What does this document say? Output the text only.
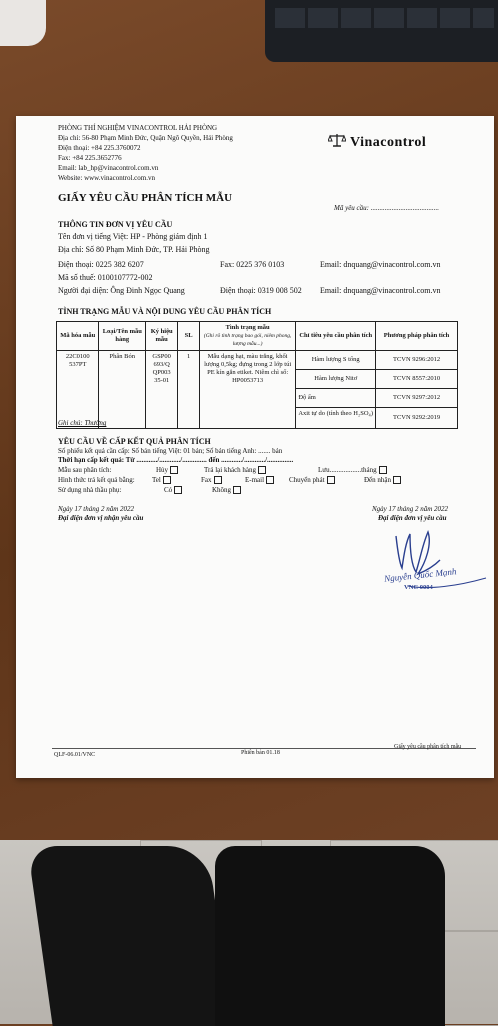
PHÒNG THÍ NGHIỆM VINACONTROL HẢI PHÒNG
Địa chỉ: 56-80 Phạm Minh Đức, Quận Ngô Quyền, Hải Phòng
Điện thoại: +84 225.3760072
Fax: +84 225.3652776
Email: lab_hp@vinacontrol.com.vn
Website: www.vinacontrol.com.vn
Vinacontrol
GIẤY YÊU CẦU PHÂN TÍCH MẪU
Mã yêu cầu: .......................................
THÔNG TIN ĐƠN VỊ YÊU CẦU
Tên đơn vị tiếng Việt: HP - Phòng giám định 1
Địa chỉ: Số 80 Phạm Minh Đức, TP. Hải Phòng
Điện thoại: 0225 382 6207	Fax: 0225 376 0103	Email: dnquang@vinacontrol.com.vn
Mã số thuế: 0100107772-002
Người đại diện: Ông Đinh Ngọc Quang	Điện thoại: 0319 008 502 Email: dnquang@vinacontrol.com.vn
TÌNH TRẠNG MẪU VÀ NỘI DUNG YÊU CẦU PHÂN TÍCH
Mã hóa mẫu	Loại/Tên mẫu hàng	Ký hiệu mẫu	SL	Tình trạng mẫu
(Ghi rõ tình trạng bao gói, niêm phong, lượng mẫu...)	Chỉ tiêu yêu cầu phân tích	Phương pháp phân tích
22C0100 537PT	Phân Bón	GSP00 693/Q QP003 35-01	1	Mẫu dạng hạt, màu trắng, khối lượng 0,5kg; đựng trong 2 lớp túi PE kín gắn etiket. Niêm chì số: HP0053713	Hàm lượng S tổng	TCVN 9296:2012
					Hàm lượng Nitơ	TCVN 8557:2010
					Độ ẩm	TCVN 9297:2012
					Axit tự do (tính theo H₂SO₄)	TCVN 9292:2019
Ghi chú: Thường
YÊU CẦU VỀ CẤP KẾT QUẢ PHÂN TÍCH
Số phiếu kết quả cần cấp: Số bản tiếng Việt: 01 bản; Số bản tiếng Anh: ....... bản
Thời hạn cấp kết quả: Từ ............/............/.............. đến ............/............/...............
Mẫu sau phân tích:	Hủy	Trả lại khách hàng	Lưu..................tháng
Hình thức trả kết quả bằng: Tel	Fax	E-mail	Chuyển phát	Đến nhận
Sử dụng nhà thầu phụ:	Có	Không
Ngày 17 tháng 2 năm 2022
Đại diện đơn vị nhận yêu cầu
Ngày 17 tháng 2 năm 2022
Đại diện đơn vị yêu cầu
Nguyễn Quốc Mạnh
VNC 0004
Giấy yêu cầu phân tích mẫu
QLF-06.01/VNC	Phiên bản 01.18
